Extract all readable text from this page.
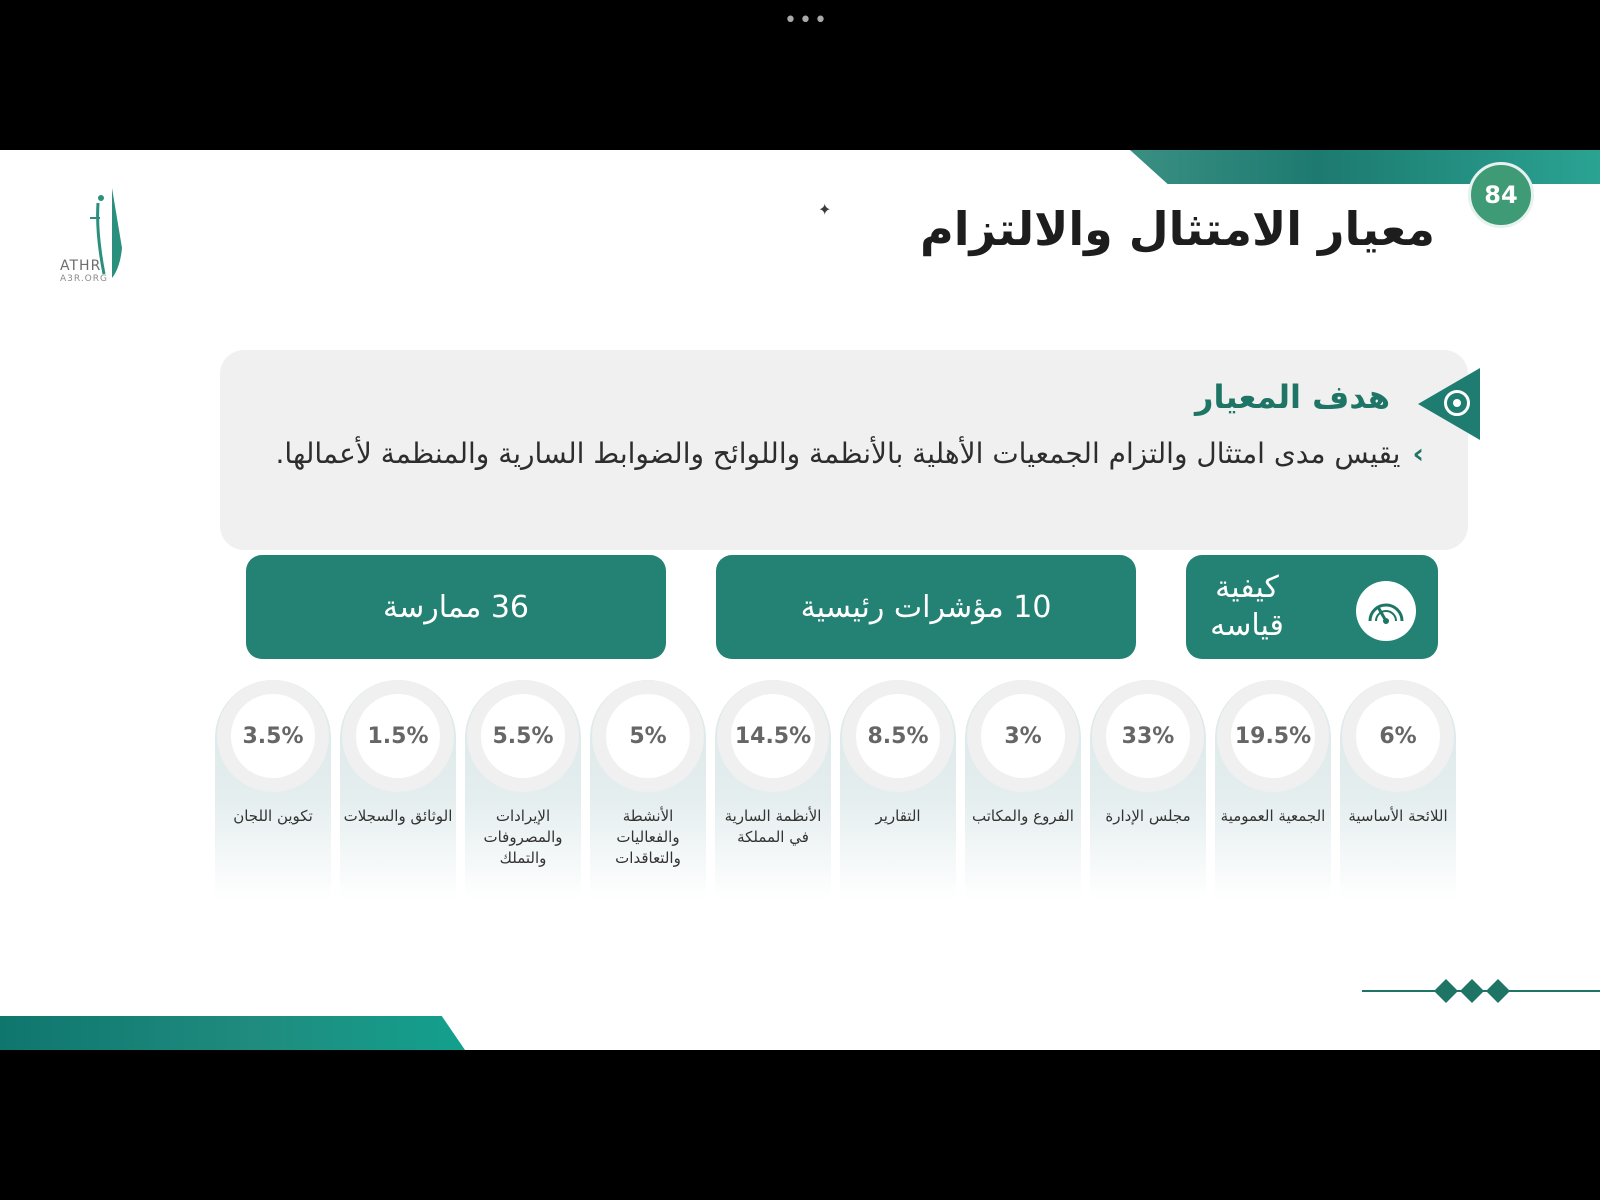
•••
84
معيار الامتثال والالتزام
✦
ATHR
A3R.ORG
هدف المعيار
›يقيس مدى امتثال والتزام الجمعيات الأهلية بالأنظمة واللوائح والضوابط السارية والمنظمة لأعمالها.
36 ممارسة	10 مؤشرات رئيسية
كيفية قياسه
6%
اللائحة الأساسية
19.5%
الجمعية العمومية
33%
مجلس الإدارة
3%
الفروع والمكاتب
8.5%
التقارير
14.5%
الأنظمة السارية في المملكة
5%
الأنشطة والفعاليات والتعاقدات
5.5%
الإيرادات والمصروفات والتملك
1.5%
الوثائق والسجلات
3.5%
تكوين اللجان
